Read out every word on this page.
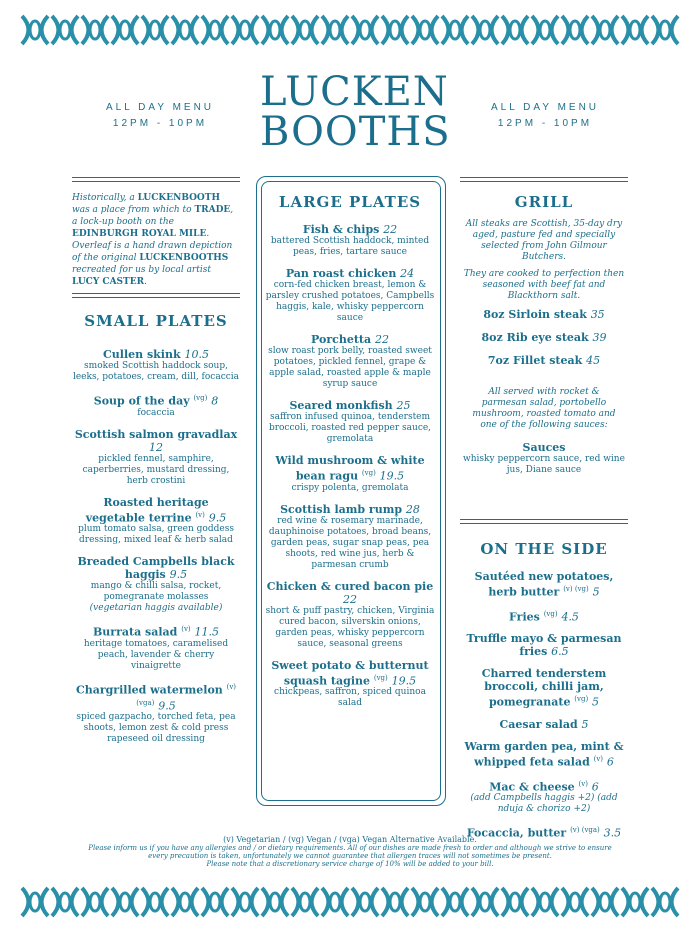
ALL DAY MENU
12PM - 10PM
LUCKEN
BOOTHS
ALL DAY MENU
12PM - 10PM
Historically, a LUCKENBOOTH was a place from which to TRADE, a lock-up booth on the EDINBURGH ROYAL MILE. Overleaf is a hand drawn depiction of the original LUCKENBOOTHS recreated for us by local artist LUCY CASTER.
SMALL PLATES
Cullen skink 10.5
smoked Scottish haddock soup, leeks, potatoes, cream, dill, focaccia
Soup of the day $^{(vg)}$ 8
focaccia
Scottish salmon gravadlax 12
pickled fennel, samphire, caperberries, mustard dressing, herb crostini
Roasted heritage vegetable terrine $^{(v)}$ 9.5
plum tomato salsa, green goddess dressing, mixed leaf & herb salad
Breaded Campbells black haggis 9.5
mango & chilli salsa, rocket, pomegranate molasses
(vegetarian haggis available)
Burrata salad $^{(v)}$ 11.5
heritage tomatoes, caramelised peach, lavender & cherry vinaigrette
Chargrilled watermelon $^{(v) (vga)}$ 9.5
spiced gazpacho, torched feta, pea shoots, lemon zest & cold press rapeseed oil dressing
LARGE PLATES
Fish & chips 22
battered Scottish haddock, minted peas, fries, tartare sauce
Pan roast chicken 24
corn-fed chicken breast, lemon & parsley crushed potatoes, Campbells haggis, kale, whisky peppercorn sauce
Porchetta 22
slow roast pork belly, roasted sweet potatoes, pickled fennel, grape & apple salad, roasted apple & maple syrup sauce
Seared monkfish 25
saffron infused quinoa, tenderstem broccoli, roasted red pepper sauce, gremolata
Wild mushroom & white bean ragu $^{(vg)}$ 19.5
crispy polenta, gremolata
Scottish lamb rump 28
red wine & rosemary marinade, dauphinoise potatoes, broad beans, garden peas, sugar snap peas, pea shoots, red wine jus, herb & parmesan crumb
Chicken & cured bacon pie 22
short & puff pastry, chicken, Virginia cured bacon, silverskin onions, garden peas, whisky peppercorn sauce, seasonal greens
Sweet potato & butternut squash tagine $^{(vg)}$ 19.5
chickpeas, saffron, spiced quinoa salad
GRILL
All steaks are Scottish, 35-day dry aged, pasture fed and specially selected from John Gilmour Butchers.
They are cooked to perfection then seasoned with beef fat and Blackthorn salt.
8oz Sirloin steak 35
8oz Rib eye steak 39
7oz Fillet steak 45
All served with rocket & parmesan salad, portobello mushroom, roasted tomato and one of the following sauces:
Sauces
whisky peppercorn sauce, red wine jus, Diane sauce
ON THE SIDE
Sautéed new potatoes, herb butter $^{(v) (vg)}$ 5
Fries $^{(vg)}$ 4.5
Truffle mayo & parmesan fries 6.5
Charred tenderstem broccoli, chilli jam, pomegranate $^{(vg)}$ 5
Caesar salad 5
Warm garden pea, mint & whipped feta salad $^{(v)}$ 6
Mac & cheese $^{(v)}$ 6
(add Campbells haggis +2) (add nduja & chorizo +2)
Focaccia, butter $^{(v) (vga)}$ 3.5
(v) Vegetarian / (vg) Vegan / (vga) Vegan Alternative Available.
Please inform us if you have any allergies and / or dietary requirements. All of our dishes are made fresh to order and although we strive to ensure
every precaution is taken, unfortunately we cannot guarantee that allergen traces will not sometimes be present.
Please note that a discretionary service charge of 10% will be added to your bill.
